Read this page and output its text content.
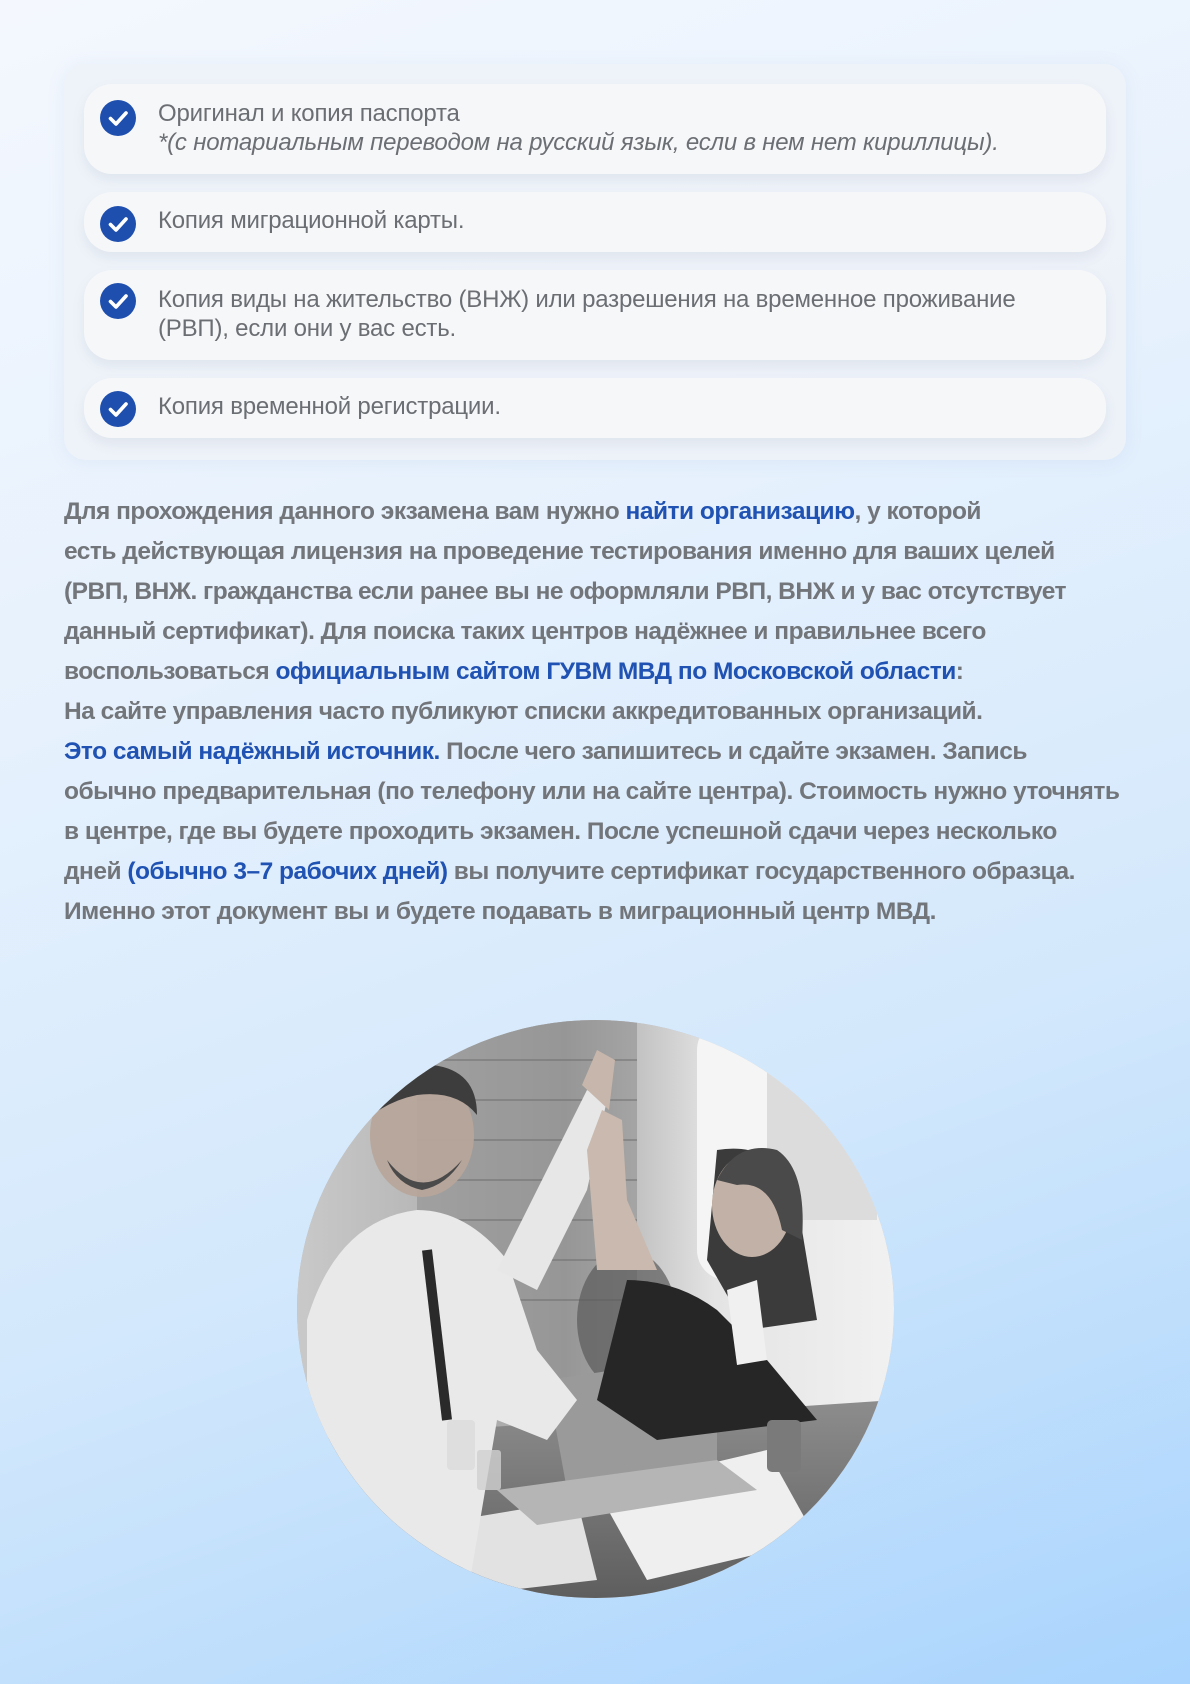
Оригинал и копия паспорта
*(с нотариальным переводом на русский язык, если в нем нет кириллицы).
Копия миграционной карты.
Копия виды на жительство (ВНЖ) или разрешения на временное проживание
(РВП), если они у вас есть.
Копия временной регистрации.
Для прохождения данного экзамена вам нужно найти организацию, у которой
есть действующая лицензия на проведение тестирования именно для ваших целей
(РВП, ВНЖ. гражданства если ранее вы не оформляли РВП, ВНЖ и у вас отсутствует
данный сертификат). Для поиска таких центров надёжнее и правильнее всего
воспользоваться официальным сайтом ГУВМ МВД по Московской области:
На сайте управления часто публикуют списки аккредитованных организаций.
Это самый надёжный источник. После чего запишитесь и сдайте экзамен. Запись
обычно предварительная (по телефону или на сайте центра). Стоимость нужно уточнять
в центре, где вы будете проходить экзамен. После успешной сдачи через несколько
дней (обычно 3–7 рабочих дней) вы получите сертификат государственного образца.
Именно этот документ вы и будете подавать в миграционный центр МВД.
